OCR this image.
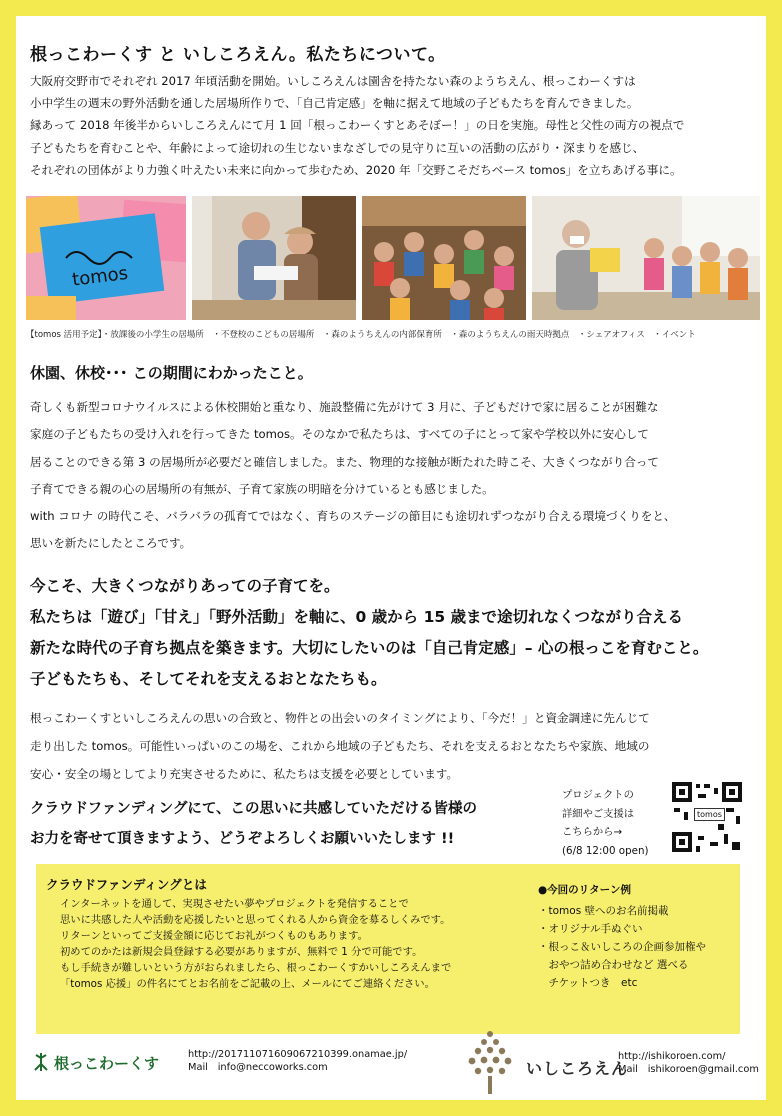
根っこわーくす と いしころえん。私たちについて。
大阪府交野市でそれぞれ 2017 年頃活動を開始。いしころえんは園舎を持たない森のようちえん、根っこわーくすは
小中学生の週末の野外活動を通した居場所作りで、「自己肯定感」を軸に据えて地域の子どもたちを育んできました。
縁あって 2018 年後半からいしころえんにて月 1 回「根っこわーくすとあそぼー！」の日を実施。母性と父性の両方の視点で
子どもたちを育むことや、年齢によって途切れの生じないまなざしでの見守りに互いの活動の広がり・深まりを感じ、
それぞれの団体がより力強く叶えたい未来に向かって歩むため、2020 年「交野こそだちベース tomos」を立ちあげる事に。
tomos
【tomos 活用予定】・放課後の小学生の居場所　・不登校のこどもの居場所　・森のようちえんの内部保育所　・森のようちえんの雨天時拠点　・シェアオフィス　・イベント
休園、休校･･･ この期間にわかったこと。
奇しくも新型コロナウイルスによる休校開始と重なり、施設整備に先がけて 3 月に、子どもだけで家に居ることが困難な
家庭の子どもたちの受け入れを行ってきた tomos。そのなかで私たちは、すべての子にとって家や学校以外に安心して
居ることのできる第 3 の居場所が必要だと確信しました。また、物理的な接触が断たれた時こそ、大きくつながり合って
子育てできる親の心の居場所の有無が、子育て家族の明暗を分けているとも感じました。
with コロナ の時代こそ、バラバラの孤育てではなく、育ちのステージの節目にも途切れずつながり合える環境づくりをと、
思いを新たにしたところです。
今こそ、大きくつながりあっての子育てを。
私たちは「遊び」「甘え」「野外活動」を軸に、0 歳から 15 歳まで途切れなくつながり合える
新たな時代の子育ち拠点を築きます。大切にしたいのは「自己肯定感」– 心の根っこを育むこと。
子どもたちも、そしてそれを支えるおとなたちも。
根っこわーくすといしころえんの思いの合致と、物件との出会いのタイミングにより、「今だ！」と資金調達に先んじて
走り出した tomos。可能性いっぱいのこの場を、これから地域の子どもたち、それを支えるおとなたちや家族、地域の
安心・安全の場としてより充実させるために、私たちは支援を必要としています。
クラウドファンディングにて、この思いに共感していただける皆様の
お力を寄せて頂きますよう、どうぞよろしくお願いいたします !!
プロジェクトの
詳細やご支援は
こちらから→
(6/8 12:00 open)
tomos
クラウドファンディングとは
インターネットを通して、実現させたい夢やプロジェクトを発信することで
思いに共感した人や活動を応援したいと思ってくれる人から資金を募るしくみです。
リターンといってご支援金額に応じてお礼がつくものもあります。
初めてのかたは新規会員登録する必要がありますが、無料で 1 分で可能です。
もし手続きが難しいという方がおられましたら、根っこわーくすかいしころえんまで
「tomos 応援」の件名にてとお名前をご記載の上、メールにてご連絡ください。
●今回のリターン例
・tomos 壁へのお名前掲載
・オリジナル手ぬぐい
・根っこ＆いしころの企画参加権や
　おやつ詰め合わせなど 選べる
　チケットつき　etc
根っこわーくす	http://20171107160906721039​9.onamae.jp/
Mail　info@neccoworks.com	いしころえん
http://ishikoroen.com/
Mail　ishikoroen@gmail.com
